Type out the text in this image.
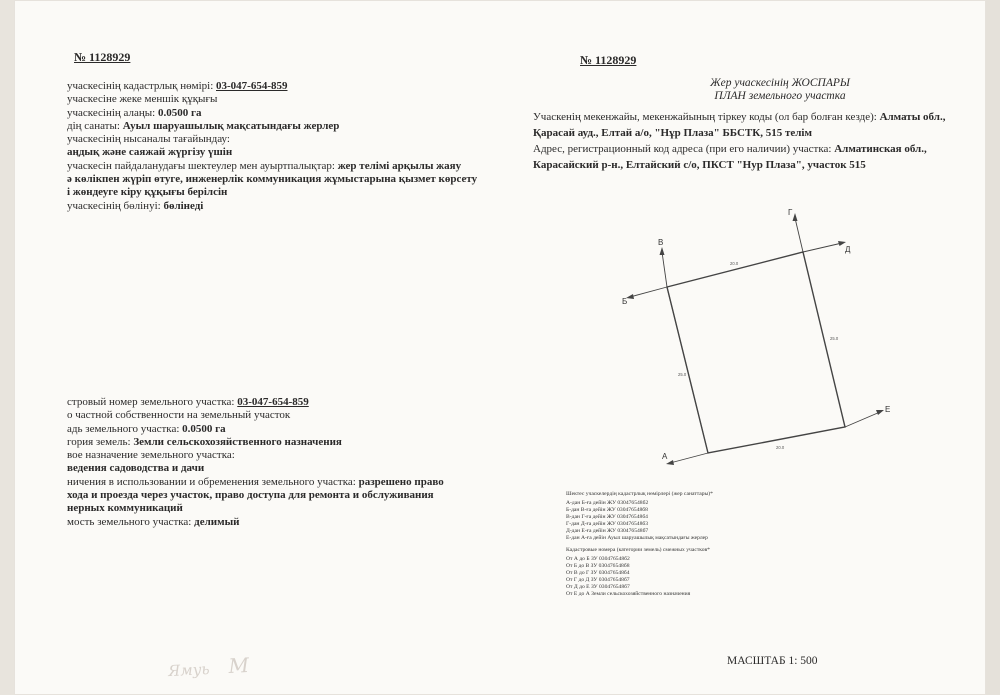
№ 1128929
учаскесінің кадастрлық нөмірі: 03-047-654-859
учаскесіне жеке меншік құқығы
учаскесінің алаңы: 0.0500 га
дің санаты: Ауыл шаруашылық мақсатындағы жерлер
учаскесінің нысаналы тағайындау:
аңдық және саяжай жүргізу үшін
учаскесін пайдаланудағы шектеулер мен ауыртпалықтар: жер телімі арқылы жаяу
ә көлікпен жүріп өтуге, инженерлік коммуникация жұмыстарына қызмет көрсету
і жөндеуге кіру құқығы берілсін
учаскесінің бөлінуі: бөлінеді
стровый номер земельного участка: 03-047-654-859
о частной собственности на земельный участок
адь земельного участка: 0.0500 га
гория земель: Земли сельскохозяйственного назначения
вое назначение земельного участка:
ведения садоводства и дачи
ничения в использовании и обременения земельного участка: разрешено право
хода и проезда через участок, право доступа для ремонта и обслуживания
нерных коммуникаций
мость земельного участка: делимый
№ 1128929
Жер учаскесінің ЖОСПАРЫ
ПЛАН земельного участка
Учаскенің мекенжайы, мекенжайының тіркеу коды (ол бар болған кезде): Алматы обл.,
Қарасай ауд., Елтай а/о, "Нұр Плаза" ББСТК, 515 телім
Адрес, регистрационный код адреса (при его наличии) участка: Алматинская обл.,
Карасайский р-н., Елтайский с/о, ПКСТ "Нур Плаза", участок 515
А
Б
В
Г
Д
Е
20.0
25.0
20.0
25.0
Шектес учаскелердің кадастрлық нөмірлері (жер санаттары)*
А-дан Б-ға дейін ЖУ 030476548б2
Б-дан В-ға дейін ЖУ 030476548б8
В-дан Г-ға дейін ЖУ 030476548б4
Г-дан Д-ға дейін ЖУ 030476548б3
Д-дан Е-ға дейін ЖУ 030476548б7
Е-дан А-ға дейін Ауыл шаруашылық мақсатындағы жерлер
Кадастровые номера (категории земель) смежных участков*
От А до Б ЗУ 030476548б2
От Б до В ЗУ 030476548б8
От В до Г ЗУ 030476548б4
От Г до Д ЗУ 030476548б7
От Д до Е ЗУ 030476548б7
От Е до А Земли сельскохозяйственного назначения
МАСШТАБ 1: 500
Ямуь    М
